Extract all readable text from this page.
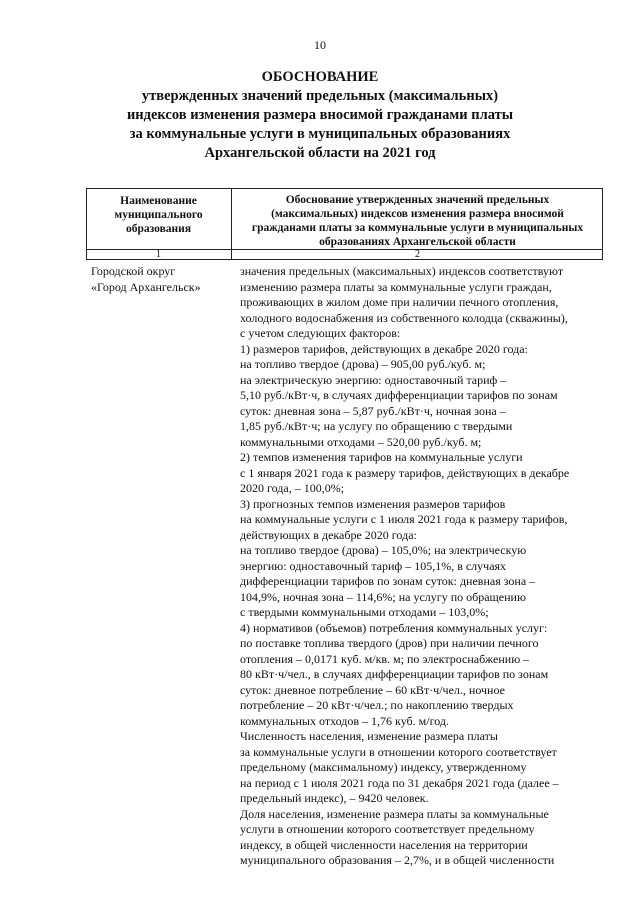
10
ОБОСНОВАНИЕ
утвержденных значений предельных (максимальных)
индексов изменения размера вносимой гражданами платы
за коммунальные услуги в муниципальных образованиях
Архангельской области на 2021 год
Наименование
муниципального
образования
Обоснование утвержденных значений предельных
(максимальных) индексов изменения размера вносимой
гражданами платы за коммунальные услуги в муниципальных
образованиях Архангельской области
1	2
Городской округ
«Город Архангельск»
значения предельных (максимальных) индексов соответствуют
изменению размера платы за коммунальные услуги граждан,
проживающих в жилом доме при наличии печного отопления,
холодного водоснабжения из собственного колодца (скважины),
с учетом следующих факторов:
1) размеров тарифов, действующих в декабре 2020 года:
на топливо твердое (дрова) – 905,00 руб./куб. м;
на электрическую энергию: одноставочный тариф –
5,10 руб./кВт·ч, в случаях дифференциации тарифов по зонам
суток: дневная зона – 5,87 руб./кВт·ч, ночная зона –
1,85 руб./кВт·ч; на услугу по обращению с твердыми
коммунальными отходами – 520,00 руб./куб. м;
2) темпов изменения тарифов на коммунальные услуги
с 1 января 2021 года к размеру тарифов, действующих в декабре
2020 года, – 100,0%;
3) прогнозных темпов изменения размеров тарифов
на коммунальные услуги с 1 июля 2021 года к размеру тарифов,
действующих в декабре 2020 года:
на топливо твердое (дрова) – 105,0%; на электрическую
энергию: одноставочный тариф – 105,1%, в случаях
дифференциации тарифов по зонам суток: дневная зона –
104,9%, ночная зона – 114,6%; на услугу по обращению
с твердыми коммунальными отходами – 103,0%;
4) нормативов (объемов) потребления коммунальных услуг:
по поставке топлива твердого (дров) при наличии печного
отопления – 0,0171 куб. м/кв. м; по электроснабжению –
80 кВт·ч/чел., в случаях дифференциации тарифов по зонам
суток: дневное потребление – 60 кВт·ч/чел., ночное
потребление – 20 кВт·ч/чел.; по накоплению твердых
коммунальных отходов – 1,76 куб. м/год.
Численность населения, изменение размера платы
за коммунальные услуги в отношении которого соответствует
предельному (максимальному) индексу, утвержденному
на период с 1 июля 2021 года по 31 декабря 2021 года (далее –
предельный индекс), – 9420 человек.
Доля населения, изменение размера платы за коммунальные
услуги в отношении которого соответствует предельному
индексу, в общей численности населения на территории
муниципального образования – 2,7%, и в общей численности
